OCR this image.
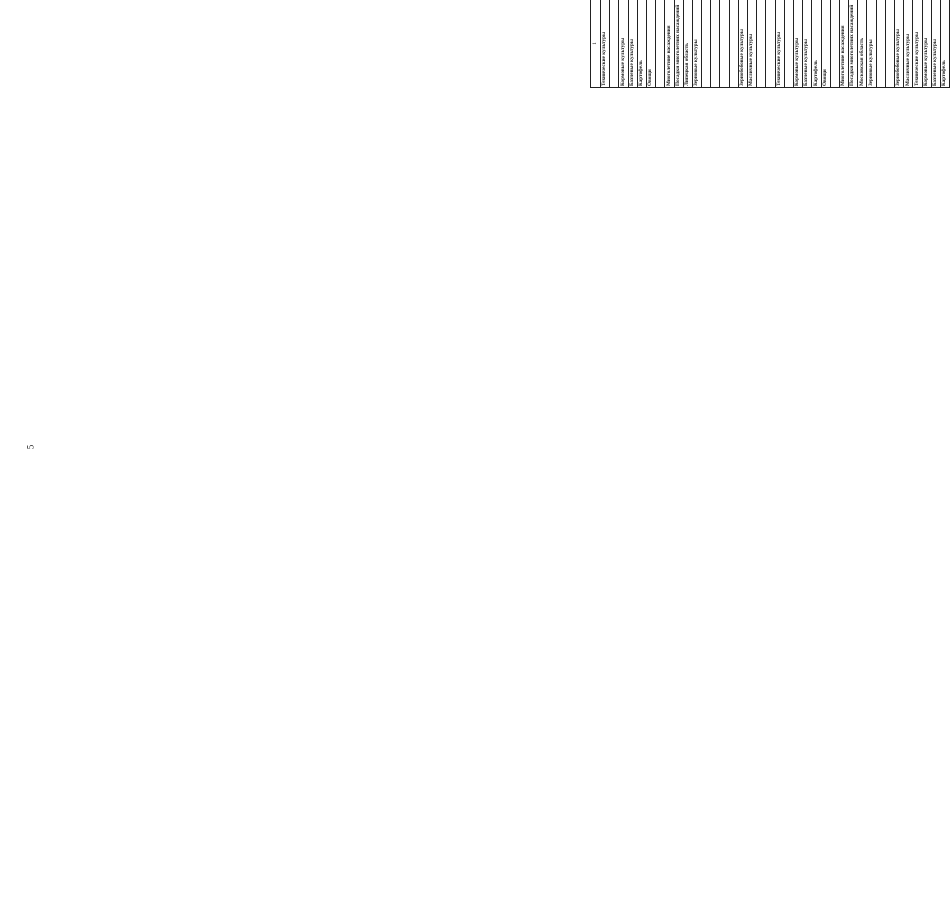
5
1																		
Технические культуры																		

Кормовые культуры																		
Бахчевые культуры																		
Картофель																		
Овощи																		

Многолетние насаждения																		
Посадки многолетних насаждений																		
Липецкая область																		
Зерновые культуры																		

Зернобобовые культуры																		
Масличные культуры																		

Технические культуры																		

Кормовые культуры																		
Бахчевые культуры																		
Картофель																		
Овощи																		

Многолетние насаждения																		
Посадки многолетних насаждений																		
Московская область																		
Зерновые культуры																		

Зернобобовые культуры																		
Масличные культуры																		
Технические культуры																		
Кормовые культуры																		
Бахчевые культуры																		
Картофель																		
